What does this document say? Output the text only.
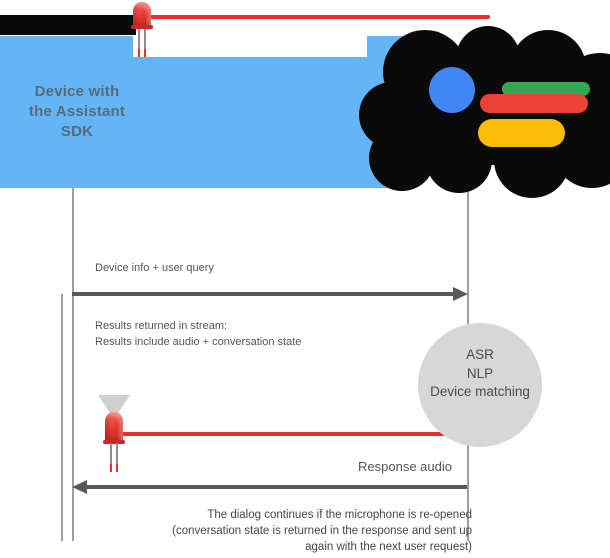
Device with
the Assistant
SDK
Device info + user query
Results returned in stream:
Results include audio + conversation state
ASR
NLP
Device matching
Response audio
The dialog continues if the microphone is re-opened
(conversation state is returned in the response and sent up
again with the next user request)
